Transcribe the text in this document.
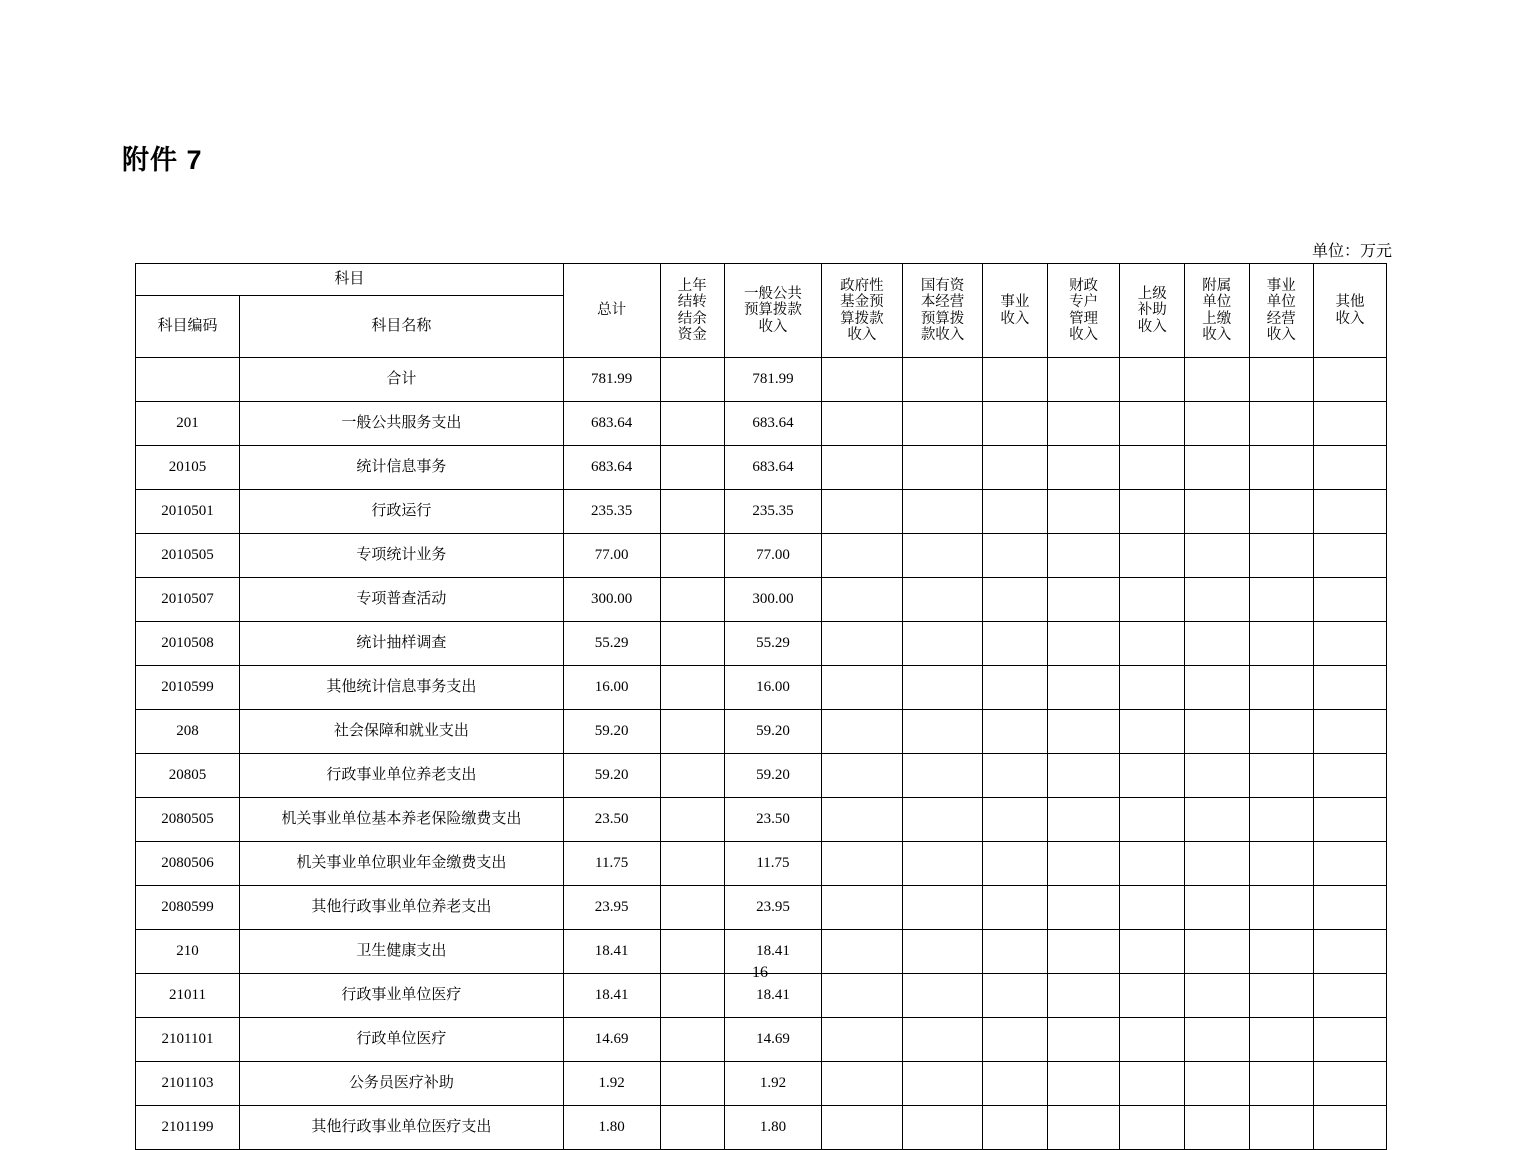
附件 7
单位：万元
科目		总计	上年
结转
结余
资金	一般公共
预算拨款
收入	政府性
基金预
算拨款
收入	国有资
本经营
预算拨
款收入	事业
收入	财政
专户
管理
收入	上级
补助
收入	附属
单位
上缴
收入	事业
单位
经营
收入	其他
收入

科目编码	科目名称											
	合计	781.99		781.99								
201	一般公共服务支出	683.64		683.64								
20105	统计信息事务	683.64		683.64								
2010501	行政运行	235.35		235.35								
2010505	专项统计业务	77.00		77.00								
2010507	专项普查活动	300.00		300.00								
2010508	统计抽样调查	55.29		55.29								
2010599	其他统计信息事务支出	16.00		16.00								
208	社会保障和就业支出	59.20		59.20								
20805	行政事业单位养老支出	59.20		59.20								
2080505	机关事业单位基本养老保险缴费支出	23.50		23.50								
2080506	机关事业单位职业年金缴费支出	11.75		11.75								
2080599	其他行政事业单位养老支出	23.95		23.95								
210	卫生健康支出	18.41		18.41								
21011	行政事业单位医疗	18.41		18.41								
2101101	行政单位医疗	14.69		14.69								
2101103	公务员医疗补助	1.92		1.92								
2101199	其他行政事业单位医疗支出	1.80		1.80								
16
